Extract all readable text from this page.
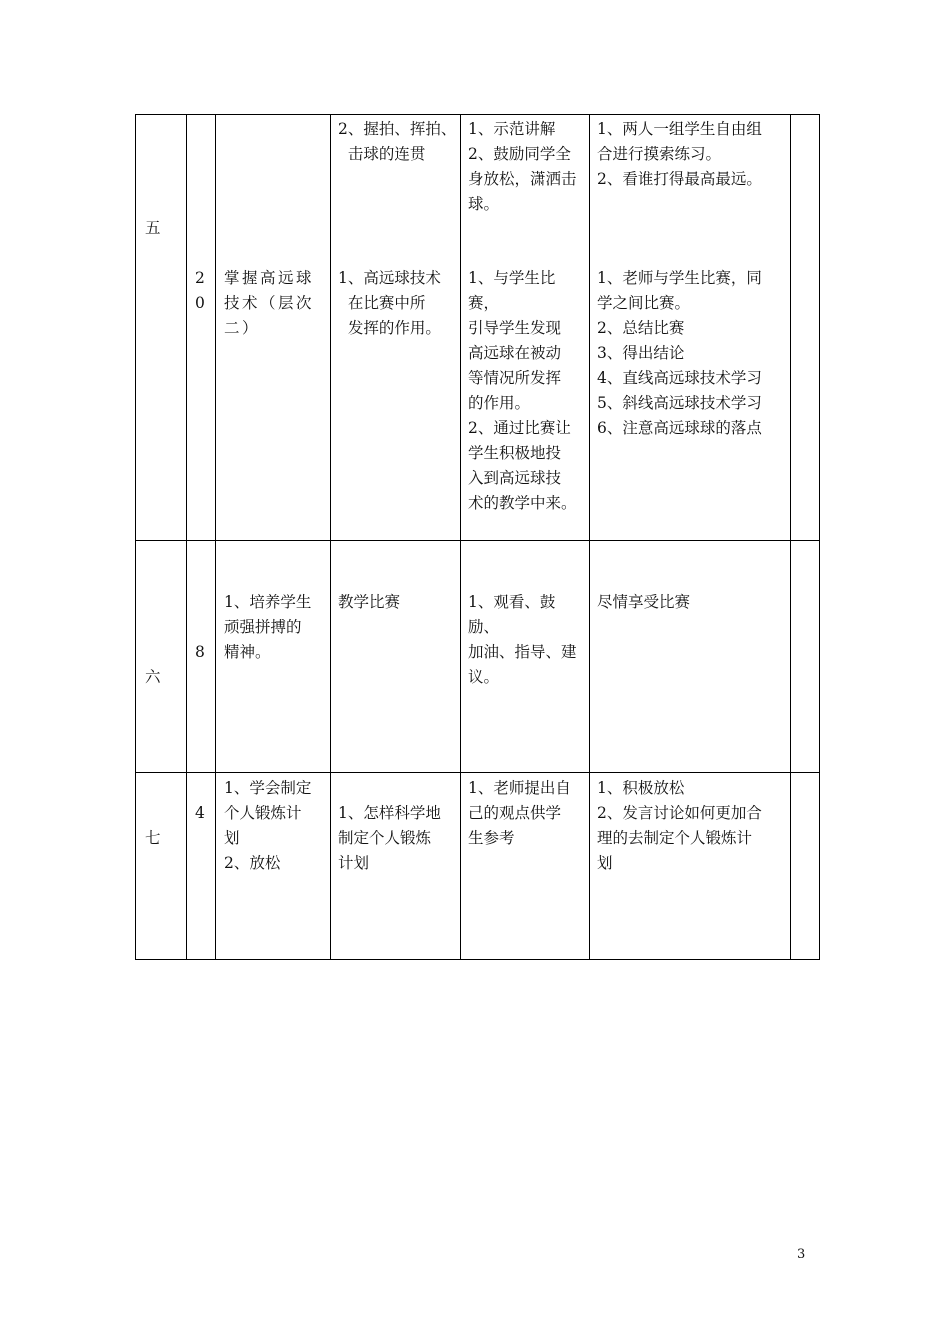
五
2
0
掌握高远球
技术（层次
二）
2、握拍、挥拍、
击球的连贯
1、示范讲解
2、鼓励同学全
身放松，潇洒击
球。
1、两人一组学生自由组
合进行摸索练习。
2、看谁打得最高最远。
1、高远球技术
在比赛中所
发挥的作用。
1、与学生比赛，
引导学生发现
高远球在被动
等情况所发挥
的作用。
2、通过比赛让
学生积极地投
入到高远球技
术的教学中来。
1、老师与学生比赛，同
学之间比赛。
2、总结比赛
3、得出结论
4、直线高远球技术学习
5、斜线高远球技术学习
6、注意高远球球的落点
六
8
1、培养学生
顽强拼搏的
精神。
教学比赛	1、观看、鼓励、
加油、指导、建
议。
尽情享受比赛
七
4
1、学会制定
个人锻炼计
划
2、放松
1、怎样科学地
制定个人锻炼
计划
1、老师提出自
己的观点供学
生参考
1、积极放松
2、发言讨论如何更加合
理的去制定个人锻炼计
划
3
